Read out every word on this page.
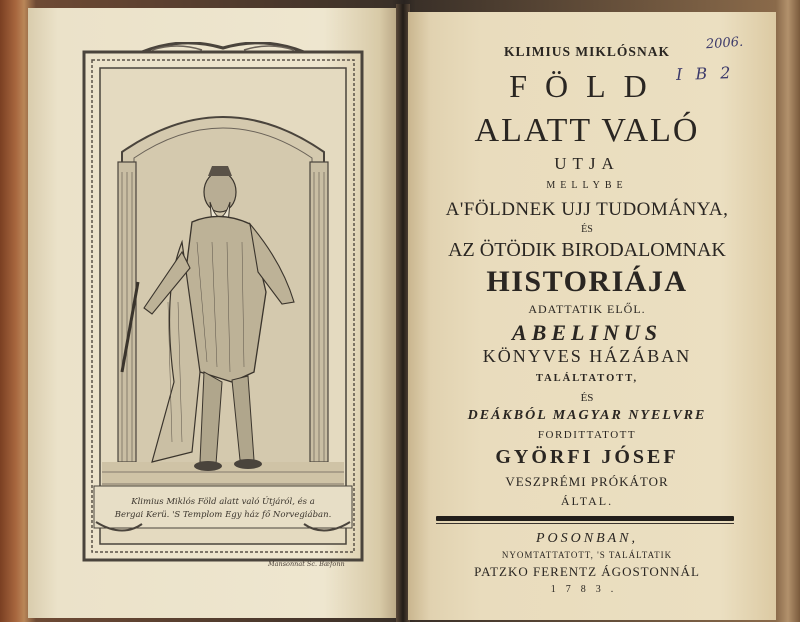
Klimius Miklós Föld alatt való Útjáról, és a
Bergai Kerü. 'S Templom Egy ház fő Norvegiában.
Mansonnat Sc. Bæfonn
KLIMIUS MIKLÓSNAK
FÖLD
ALATT VALÓ
UTJA
MELLYBE
A'FÖLDNEK UJJ TUDOMÁNYA,
ÉS
AZ ÖTÖDIK BIRODALOMNAK
HISTORIÁJA
ADATTATIK ELŐL.
ABELINUS
KÖNYVES HÁZÁBAN
TALÁLTATOTT,
ÉS
DEÁKBÓL MAGYAR NYELVRE
FORDITTATOTT
GYÖRFI JÓSEF
VESZPRÉMI PRÓKÁTOR
ÁLTAL.
POSONBAN,
NYOMTATTATOTT, 'S TALÁLTATIK
PATZKO FERENTZ ÁGOSTONNÁL
1783.
2006.
I B 2
